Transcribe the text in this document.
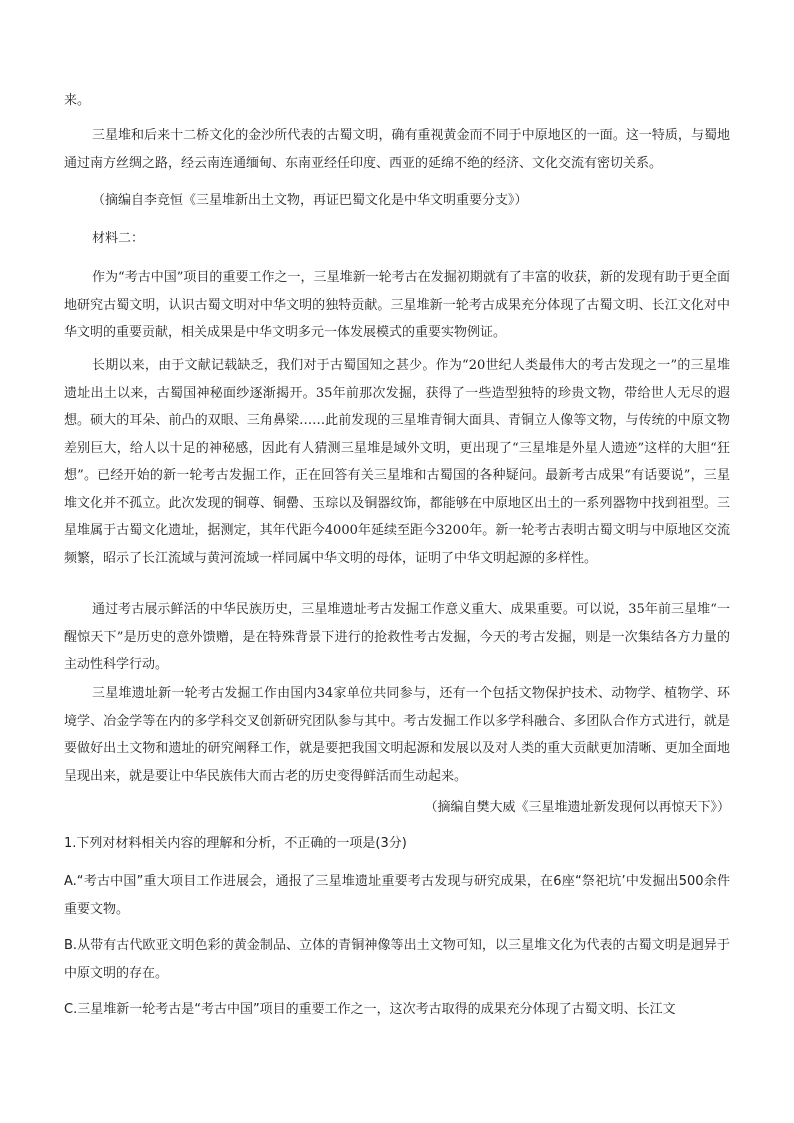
来。

三星堆和后来十二桥文化的金沙所代表的古蜀文明，确有重视黄金而不同于中原地区的一面。这一特质，与蜀地通过南方丝绸之路，经云南连通缅甸、东南亚经任印度、西亚的延绵不绝的经济、文化交流有密切关系。

（摘编自李竞恒《三星堆新出土文物，再证巴蜀文化是中华文明重要分支》）

材料二：

作为“考古中国”项目的重要工作之一，三星堆新一轮考古在发掘初期就有了丰富的收获，新的发现有助于更全面地研究古蜀文明，认识古蜀文明对中华文明的独特贡献。三星堆新一轮考古成果充分体现了古蜀文明、长江文化对中华文明的重要贡献，相关成果是中华文明多元一体发展模式的重要实物例证。

长期以来，由于文献记载缺乏，我们对于古蜀国知之甚少。作为“20世纪人类最伟大的考古发现之一”的三星堆遗址出土以来，古蜀国神秘面纱逐渐揭开。35年前那次发掘，获得了一些造型独特的珍贵文物，带给世人无尽的遐想。硕大的耳朵、前凸的双眼、三角鼻梁……此前发现的三星堆青铜大面具、青铜立人像等文物，与传统的中原文物差别巨大，给人以十足的神秘感，因此有人猜测三星堆是域外文明，更出现了“三星堆是外星人遗迹”这样的大胆“狂想”。已经开始的新一轮考古发掘工作，正在回答有关三星堆和古蜀国的各种疑问。最新考古成果“有话要说”，三星堆文化并不孤立。此次发现的铜尊、铜罍、玉琮以及铜器纹饰，都能够在中原地区出土的一系列器物中找到祖型。三星堆属于古蜀文化遗址，据测定，其年代距今4000年延续至距今3200年。新一轮考古表明古蜀文明与中原地区交流频繁，昭示了长江流域与黄河流域一样同属中华文明的母体，证明了中华文明起源的多样性。

通过考古展示鲜活的中华民族历史，三星堆遗址考古发掘工作意义重大、成果重要。可以说，35年前三星堆“一醒惊天下”是历史的意外馈赠，是在特殊背景下进行的抢救性考古发掘，今天的考古发掘，则是一次集结各方力量的主动性科学行动。

三星堆遗址新一轮考古发掘工作由国内34家单位共同参与，还有一个包括文物保护技术、动物学、植物学、环境学、冶金学等在内的多学科交叉创新研究团队参与其中。考古发掘工作以多学科融合、多团队合作方式进行，就是要做好出土文物和遗址的研究阐释工作，就是要把我国文明起源和发展以及对人类的重大贡献更加清晰、更加全面地呈现出来，就是要让中华民族伟大而古老的历史变得鲜活而生动起来。

（摘编自樊大威《三星堆遗址新发现何以再惊天下》）

1.下列对材料相关内容的理解和分析，不正确的一项是(3分)

A.“考古中国”重大项目工作进展会，通报了三星堆遗址重要考古发现与研究成果，在6座“祭祀坑’中发掘出500余件重要文物。

B.从带有古代欧亚文明色彩的黄金制品、立体的青铜神像等出土文物可知，以三星堆文化为代表的古蜀文明是迥异于中原文明的存在。

C.三星堆新一轮考古是“考古中国”项目的重要工作之一，这次考古取得的成果充分体现了古蜀文明、长江文
